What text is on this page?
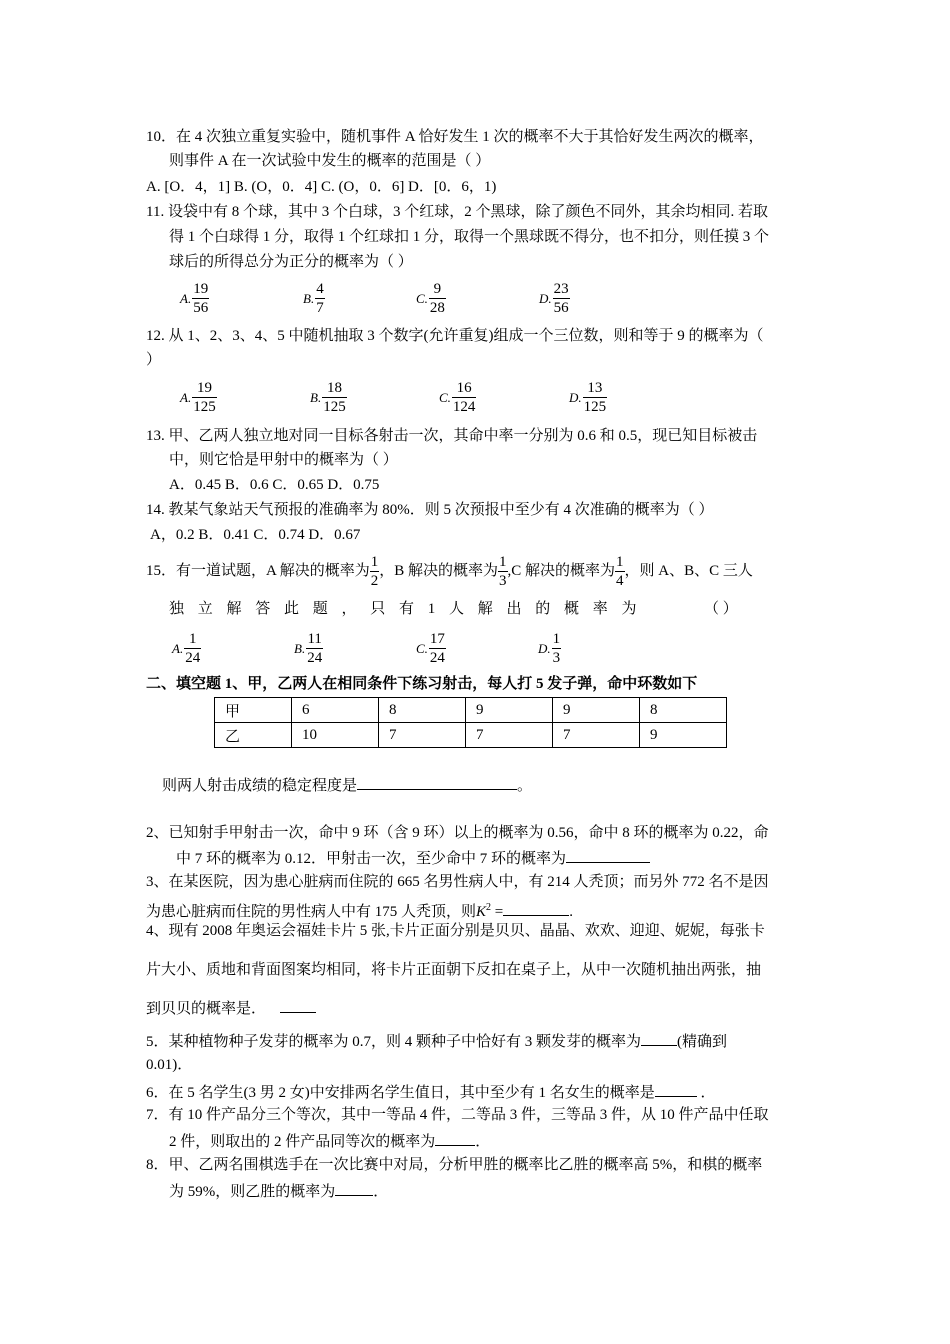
10．在 4 次独立重复实验中，随机事件 A 恰好发生 1 次的概率不大于其恰好发生两次的概率，
则事件 A 在一次试验中发生的概率的范围是（ ）
A. [O．4，1] B. (O，0．4] C. (O，0．6] D．[0．6，1)
11. 设袋中有 8 个球，其中 3 个白球，3 个红球，2 个黑球，除了颜色不同外，其余均相同. 若取
得 1 个白球得 1 分，取得 1 个红球扣 1 分，取得一个黑球既不得分，也不扣分，则任摸 3 个
球后的所得总分为正分的概率为（ ）
A. $\frac{19}{56}$	B. $\frac{4}{7}$	C. $\frac{9}{28}$	D. $\frac{23}{56}$
12. 从 1、2、3、4、5 中随机抽取 3 个数字(允许重复)组成一个三位数，则和等于 9 的概率为（
）
A. $\frac{19}{125}$	B. $\frac{18}{125}$	C. $\frac{16}{124}$	D. $\frac{13}{125}$
13. 甲、乙两人独立地对同一目标各射击一次，其命中率一分别为 0.6 和 0.5，现已知目标被击
中，则它恰是甲射中的概率为（ ）
A．0.45 B．0.6 C．0.65 D．0.75
14. 教某气象站天气预报的准确率为 80%．则 5 次预报中至少有 4 次准确的概率为（ ）
A，0.2 B．0.41 C．0.74 D．0.67
15．有一道试题，A 解决的概率为 $\frac{1}{2}$ ，B 解决的概率为 $\frac{1}{3} ,C$ 解决的概率为 $\frac{1}{4}$ ，则 A、B、C 三人
独 立 解 答 此 题 ， 只 有 1 人 解 出 的 概 率 为	（ ）
A. $\frac{1}{24}$	B. $\frac{11}{24}$	C. $\frac{17}{24}$	D. $\frac{1}{3}$
二、填空题 1、甲，乙两人在相同条件下练习射击，每人打 5 发子弹，命中环数如下
甲	6	8	9	9	8
乙	10	7	7	7	9
则两人射击成绩的稳定程度是	。
2、已知射手甲射击一次，命中 9 环（含 9 环）以上的概率为 0.56，命中 8 环的概率为 0.22，命
中 7 环的概率为 0.12．甲射击一次，至少命中 7 环的概率为
3、在某医院，因为患心脏病而住院的 665 名男性病人中，有 214 人秃顶；而另外 772 名不是因
为患心脏病而住院的男性病人中有 175 人秃顶，则$K^2$ =	.
4、现有 2008 年奥运会福娃卡片 5 张,卡片正面分别是贝贝、晶晶、欢欢、迎迎、妮妮，每张卡
片大小、质地和背面图案均相同，将卡片正面朝下反扣在桌子上，从中一次随机抽出两张，抽
到贝贝的概率是．
5．某种植物种子发芽的概率为 0.7，则 4 颗种子中恰好有 3 颗发芽的概率为 (精确到
0.01)．
6．在 5 名学生(3 男 2 女)中安排两名学生值日，其中至少有 1 名女生的概率是	．
7．有 10 件产品分三个等次，其中一等品 4 件，二等品 3 件，三等品 3 件，从 10 件产品中任取
2 件，则取出的 2 件产品同等次的概率为	．
8．甲、乙两名围棋选手在一次比赛中对局，分析甲胜的概率比乙胜的概率高 5%，和棋的概率
为 59%，则乙胜的概率为	．
